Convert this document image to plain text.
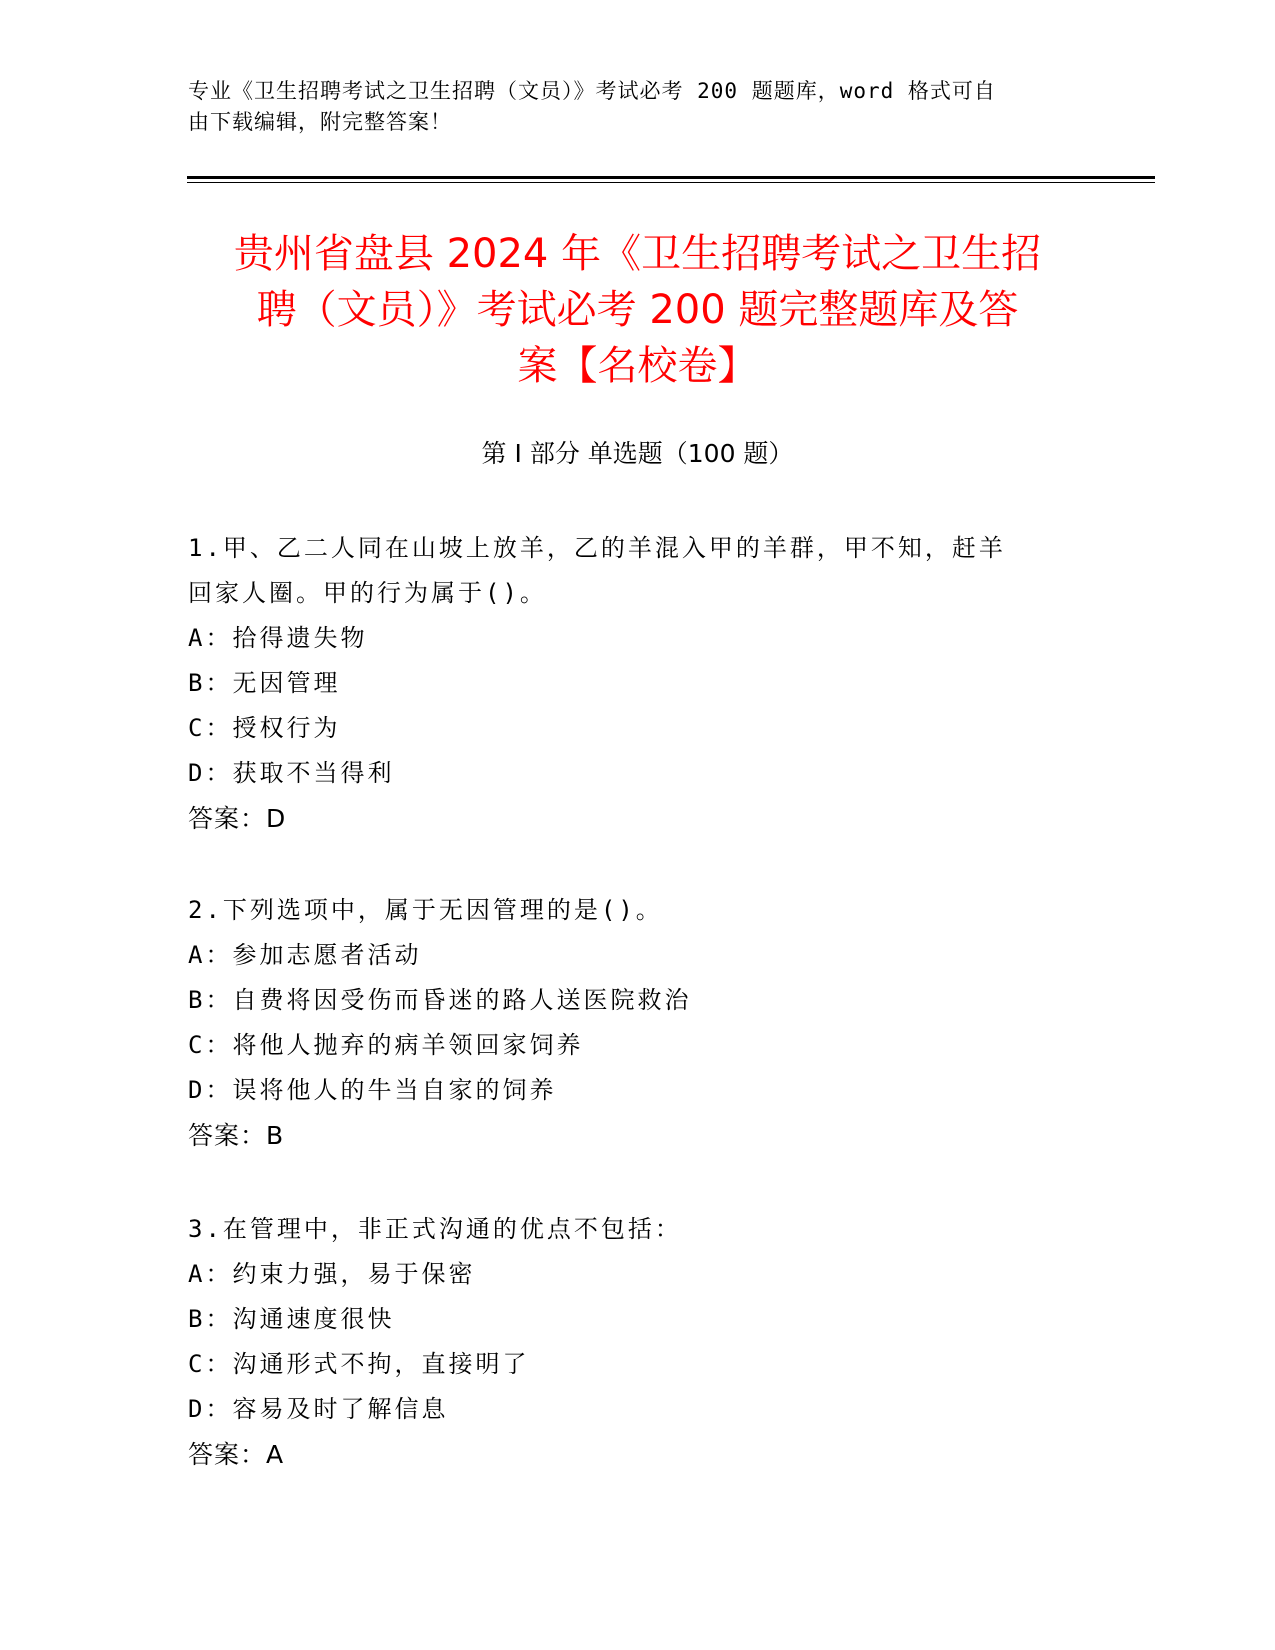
专业《卫生招聘考试之卫生招聘（文员）》考试必考 200 题题库，word 格式可自
由下载编辑，附完整答案！
贵州省盘县 2024 年《卫生招聘考试之卫生招
聘（文员）》考试必考 200 题完整题库及答
案【名校卷】
第 I 部分 单选题（100 题）
1.甲、乙二人同在山坡上放羊，乙的羊混入甲的羊群，甲不知，赶羊
回家人圈。甲的行为属于()。
A：拾得遗失物
B：无因管理
C：授权行为
D：获取不当得利
答案：D
2.下列选项中，属于无因管理的是()。
A：参加志愿者活动
B：自费将因受伤而昏迷的路人送医院救治
C：将他人抛弃的病羊领回家饲养
D：误将他人的牛当自家的饲养
答案：B
3.在管理中，非正式沟通的优点不包括：
A：约束力强，易于保密
B：沟通速度很快
C：沟通形式不拘，直接明了
D：容易及时了解信息
答案：A
